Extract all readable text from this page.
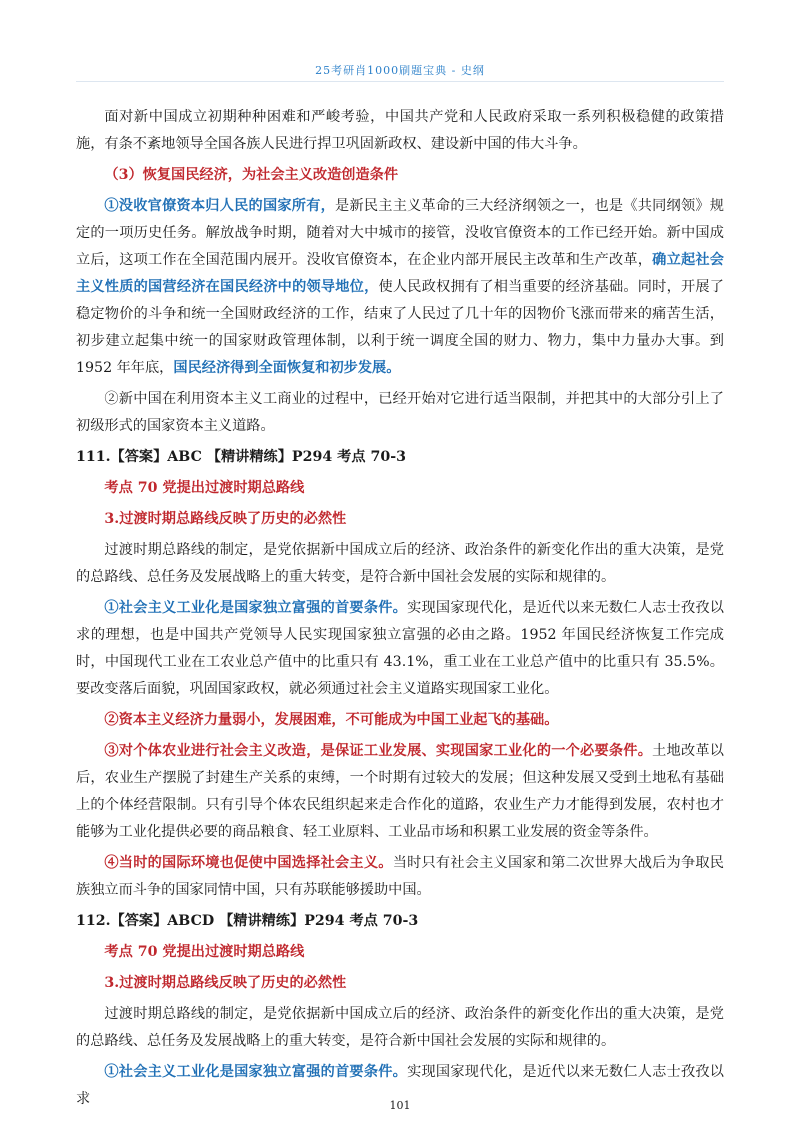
25考研肖1000刷题宝典 - 史纲

面对新中国成立初期种种困难和严峻考验，中国共产党和人民政府采取一系列积极稳健的政策措施，有条不紊地领导全国各族人民进行捍卫巩固新政权、建设新中国的伟大斗争。

（3）恢复国民经济，为社会主义改造创造条件

①没收官僚资本归人民的国家所有，是新民主主义革命的三大经济纲领之一，也是《共同纲领》规定的一项历史任务。解放战争时期，随着对大中城市的接管，没收官僚资本的工作已经开始。新中国成立后，这项工作在全国范围内展开。没收官僚资本，在企业内部开展民主改革和生产改革，确立起社会主义性质的国营经济在国民经济中的领导地位，使人民政权拥有了相当重要的经济基础。同时，开展了稳定物价的斗争和统一全国财政经济的工作，结束了人民过了几十年的因物价飞涨而带来的痛苦生活，初步建立起集中统一的国家财政管理体制，以利于统一调度全国的财力、物力，集中力量办大事。到 1952 年年底，国民经济得到全面恢复和初步发展。

②新中国在利用资本主义工商业的过程中，已经开始对它进行适当限制，并把其中的大部分引上了初级形式的国家资本主义道路。

111.【答案】ABC 【精讲精练】P294 考点 70-3

考点 70 党提出过渡时期总路线

3.过渡时期总路线反映了历史的必然性

过渡时期总路线的制定，是党依据新中国成立后的经济、政治条件的新变化作出的重大决策，是党的总路线、总任务及发展战略上的重大转变，是符合新中国社会发展的实际和规律的。

①社会主义工业化是国家独立富强的首要条件。实现国家现代化，是近代以来无数仁人志士孜孜以求的理想，也是中国共产党领导人民实现国家独立富强的必由之路。1952 年国民经济恢复工作完成时，中国现代工业在工农业总产值中的比重只有 43.1%，重工业在工业总产值中的比重只有 35.5%。要改变落后面貌，巩固国家政权，就必须通过社会主义道路实现国家工业化。

②资本主义经济力量弱小，发展困难，不可能成为中国工业起飞的基础。

③对个体农业进行社会主义改造，是保证工业发展、实现国家工业化的一个必要条件。土地改革以后，农业生产摆脱了封建生产关系的束缚，一个时期有过较大的发展；但这种发展又受到土地私有基础上的个体经营限制。只有引导个体农民组织起来走合作化的道路，农业生产力才能得到发展，农村也才能够为工业化提供必要的商品粮食、轻工业原料、工业品市场和积累工业发展的资金等条件。

④当时的国际环境也促使中国选择社会主义。当时只有社会主义国家和第二次世界大战后为争取民族独立而斗争的国家同情中国，只有苏联能够援助中国。

112.【答案】ABCD 【精讲精练】P294 考点 70-3

考点 70 党提出过渡时期总路线

3.过渡时期总路线反映了历史的必然性

过渡时期总路线的制定，是党依据新中国成立后的经济、政治条件的新变化作出的重大决策，是党的总路线、总任务及发展战略上的重大转变，是符合新中国社会发展的实际和规律的。

①社会主义工业化是国家独立富强的首要条件。实现国家现代化，是近代以来无数仁人志士孜孜以求	101
